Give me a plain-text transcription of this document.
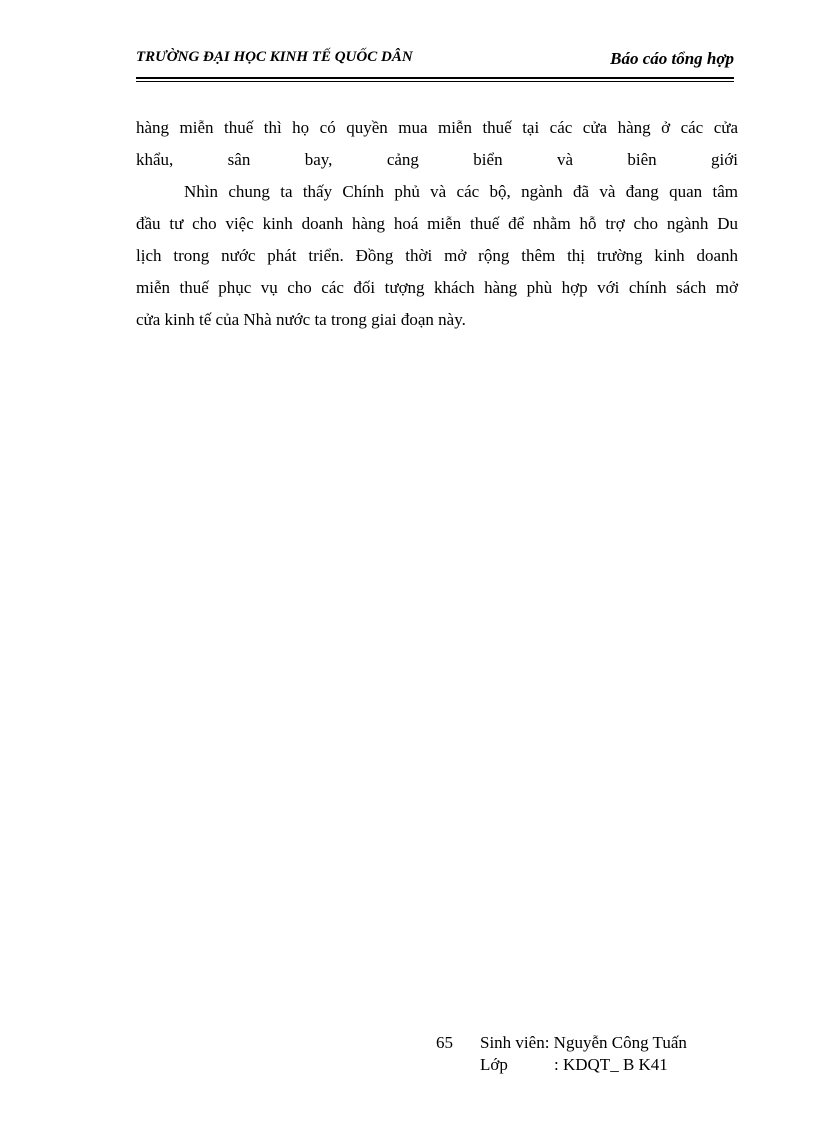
TRƯỜNG ĐẠI HỌC KINH TẾ QUỐC DÂN	Báo cáo tổng hợp
hàng miễn thuế thì họ có quyền mua miễn thuế tại các cửa hàng ở các cửa
khẩu, sân bay, cảng biển và biên giới
Nhìn chung ta thấy Chính phủ và các bộ, ngành đã và đang quan tâm
đầu tư cho việc kinh doanh hàng hoá miễn thuế để nhằm hỗ trợ cho ngành Du
lịch trong nước phát triển. Đồng thời mở rộng thêm thị trường kinh doanh
miễn thuế phục vụ cho các đối tượng khách hàng phù hợp với chính sách mở
cửa kinh tế của Nhà nước ta trong giai đoạn này.
65 Sinh viên: Nguyễn Công Tuấn
Lớp	: KDQT_ B K41
